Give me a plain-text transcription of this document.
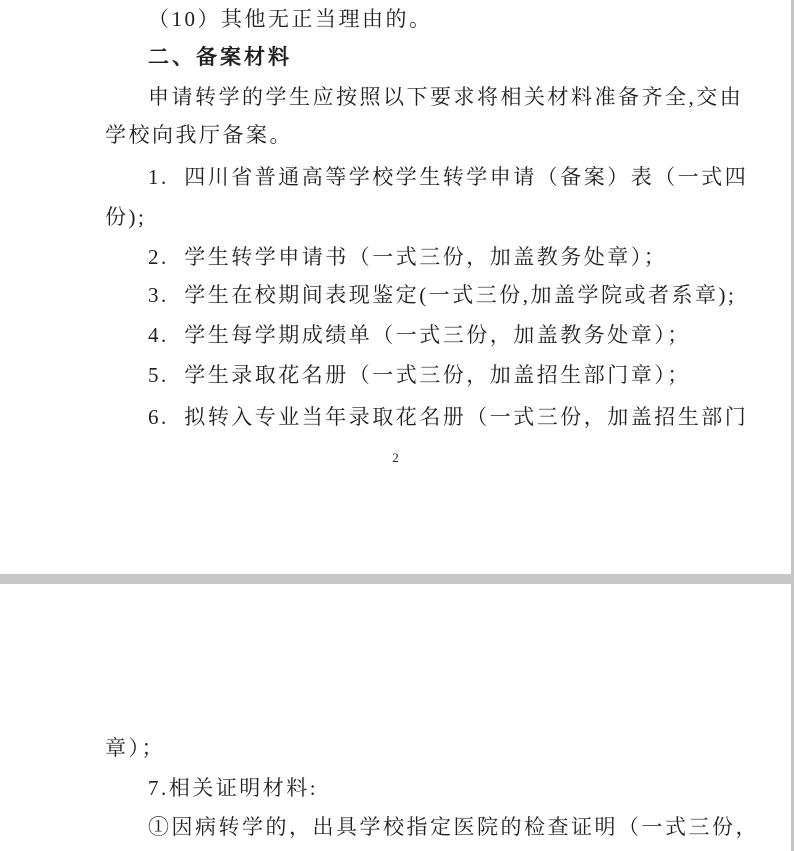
（10）其他无正当理由的。
二、备案材料
申请转学的学生应按照以下要求将相关材料准备齐全,交由
学校向我厅备案。
1.  四川省普通高等学校学生转学申请（备案）表（一式四
份);
2.  学生转学申请书（一式三份，加盖教务处章）；
3.  学生在校期间表现鉴定(一式三份,加盖学院或者系章);
4.  学生每学期成绩单（一式三份，加盖教务处章）；
5.  学生录取花名册（一式三份，加盖招生部门章）；
6.  拟转入专业当年录取花名册（一式三份，加盖招生部门
2
章）；
7.相关证明材料:
①因病转学的，出具学校指定医院的检查证明（一式三份，
